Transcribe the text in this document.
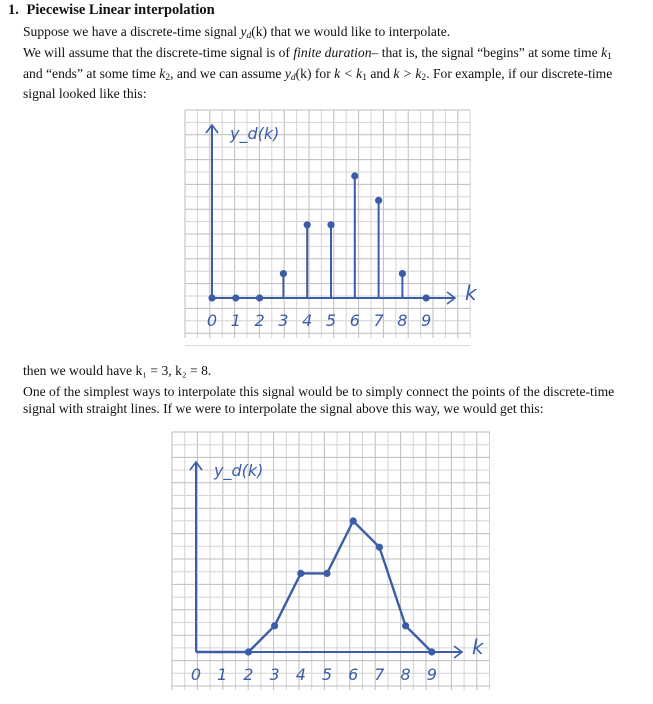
1. Piecewise Linear interpolation
Suppose we have a discrete-time signal $y_d(k)$ that we would like to interpolate.
We will assume that the discrete-time signal is of finite duration– that is, the signal “begins” at some time $k_1$
and “ends” at some time $k_2$, and we can assume $y_d(k)$ for $k < k_1$ and $k > k_2$. For example, if our discrete-time
signal looked like this:
0 1 2 3 4 5 6 7 8 9
y_d(k)
k
then we would have k₁ = 3, k₂ = 8.
One of the simplest ways to interpolate this signal would be to simply connect the points of the discrete-time
signal with straight lines. If we were to interpolate the signal above this way, we would get this:
0 1 2 3 4 5 6 7 8 9
y_d(k)
k
